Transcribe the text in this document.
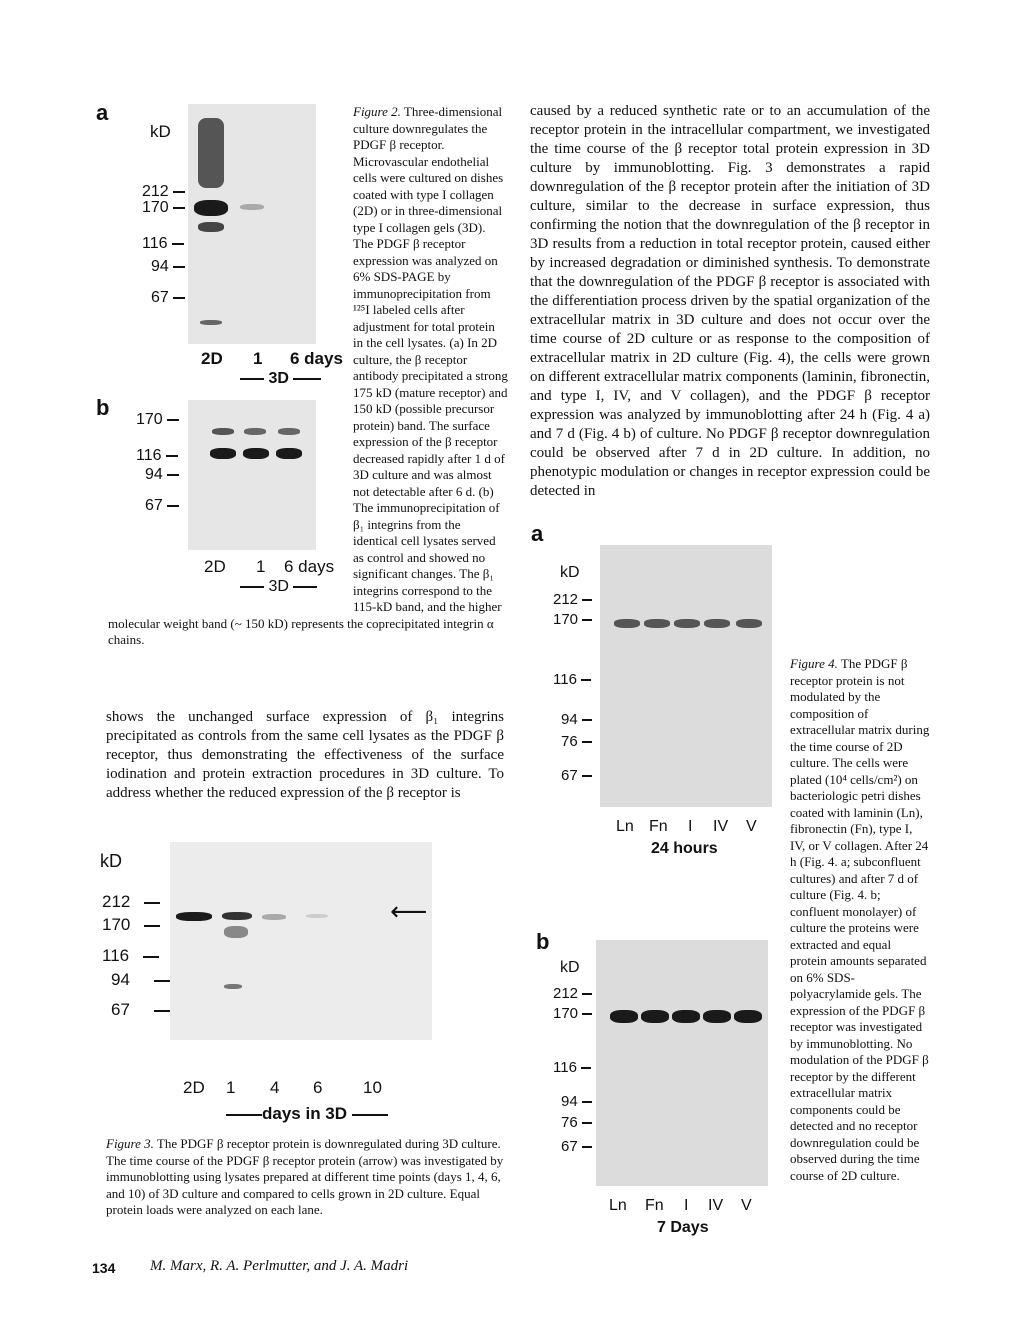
a
kD
212
170
116
94
67
2D 1 6 days
3D
b 170
116
94
67
2D 1 6 days
3D
Figure 2. Three-dimensional culture downregulates the PDGF β receptor. Microvascular endothelial cells were cultured on dishes coated with type I collagen (2D) or in three-dimensional type I collagen gels (3D). The PDGF β receptor expression was analyzed on 6% SDS-PAGE by immunoprecipitation from ¹²⁵I labeled cells after adjustment for total protein in the cell lysates. (a) In 2D culture, the β receptor antibody precipitated a strong 175 kD (mature receptor) and 150 kD (possible precursor protein) band. The surface expression of the β receptor decreased rapidly after 1 d of 3D culture and was almost not detectable after 6 d. (b) The immunoprecipitation of β₁ integrins from the identical cell lysates served as control and showed no significant changes. The β₁ integrins correspond to the 115-kD band, and the higher molecular weight band (~ 150 kD) represents the coprecipitated integrin α chains.
shows the unchanged surface expression of β₁ integrins precipitated as controls from the same cell lysates as the PDGF β receptor, thus demonstrating the effectiveness of the surface iodination and protein extraction procedures in 3D culture. To address whether the reduced expression of the β receptor is
kD
⟵
212
170
116
94
67
2D 1 4 6 10
days in 3D
Figure 3. The PDGF β receptor protein is downregulated during 3D culture. The time course of the PDGF β receptor protein (arrow) was investigated by immunoblotting using lysates prepared at different time points (days 1, 4, 6, and 10) of 3D culture and compared to cells grown in 2D culture. Equal protein loads were analyzed on each lane.
caused by a reduced synthetic rate or to an accumulation of the receptor protein in the intracellular compartment, we investigated the time course of the β receptor total protein expression in 3D culture by immunoblotting. Fig. 3 demonstrates a rapid downregulation of the β receptor protein after the initiation of 3D culture, similar to the decrease in surface expression, thus confirming the notion that the downregulation of the β receptor in 3D results from a reduction in total receptor protein, caused either by increased degradation or diminished synthesis. To demonstrate that the downregulation of the PDGF β receptor is associated with the differentiation process driven by the spatial organization of the extracellular matrix in 3D culture and does not occur over the time course of 2D culture or as response to the composition of extracellular matrix in 2D culture (Fig. 4), the cells were grown on different extracellular matrix components (laminin, fibronectin, and type I, IV, and V collagen), and the PDGF β receptor expression was analyzed by immunoblotting after 24 h (Fig. 4 a) and 7 d (Fig. 4 b) of culture. No PDGF β receptor downregulation could be observed after 7 d in 2D culture. In addition, no phenotypic modulation or changes in receptor expression could be detected in
a
kD
212
170
116
94
76
67
Ln Fn I IV V
24 hours
b
kD
212
170
116
94
76
67
Ln Fn I IV V
7 Days
Figure 4. The PDGF β receptor protein is not modulated by the composition of extracellular matrix during the time course of 2D culture. The cells were plated (10⁴ cells/cm²) on bacteriologic petri dishes coated with laminin (Ln), fibronectin (Fn), type I, IV, or V collagen. After 24 h (Fig. 4. a; subconfluent cultures) and after 7 d of culture (Fig. 4. b; confluent monolayer) of culture the proteins were extracted and equal protein amounts separated on 6% SDS-polyacrylamide gels. The expression of the PDGF β receptor was investigated by immunoblotting. No modulation of the PDGF β receptor by the different extracellular matrix components could be detected and no receptor downregulation could be observed during the time course of 2D culture.
134 M. Marx, R. A. Perlmutter, and J. A. Madri
